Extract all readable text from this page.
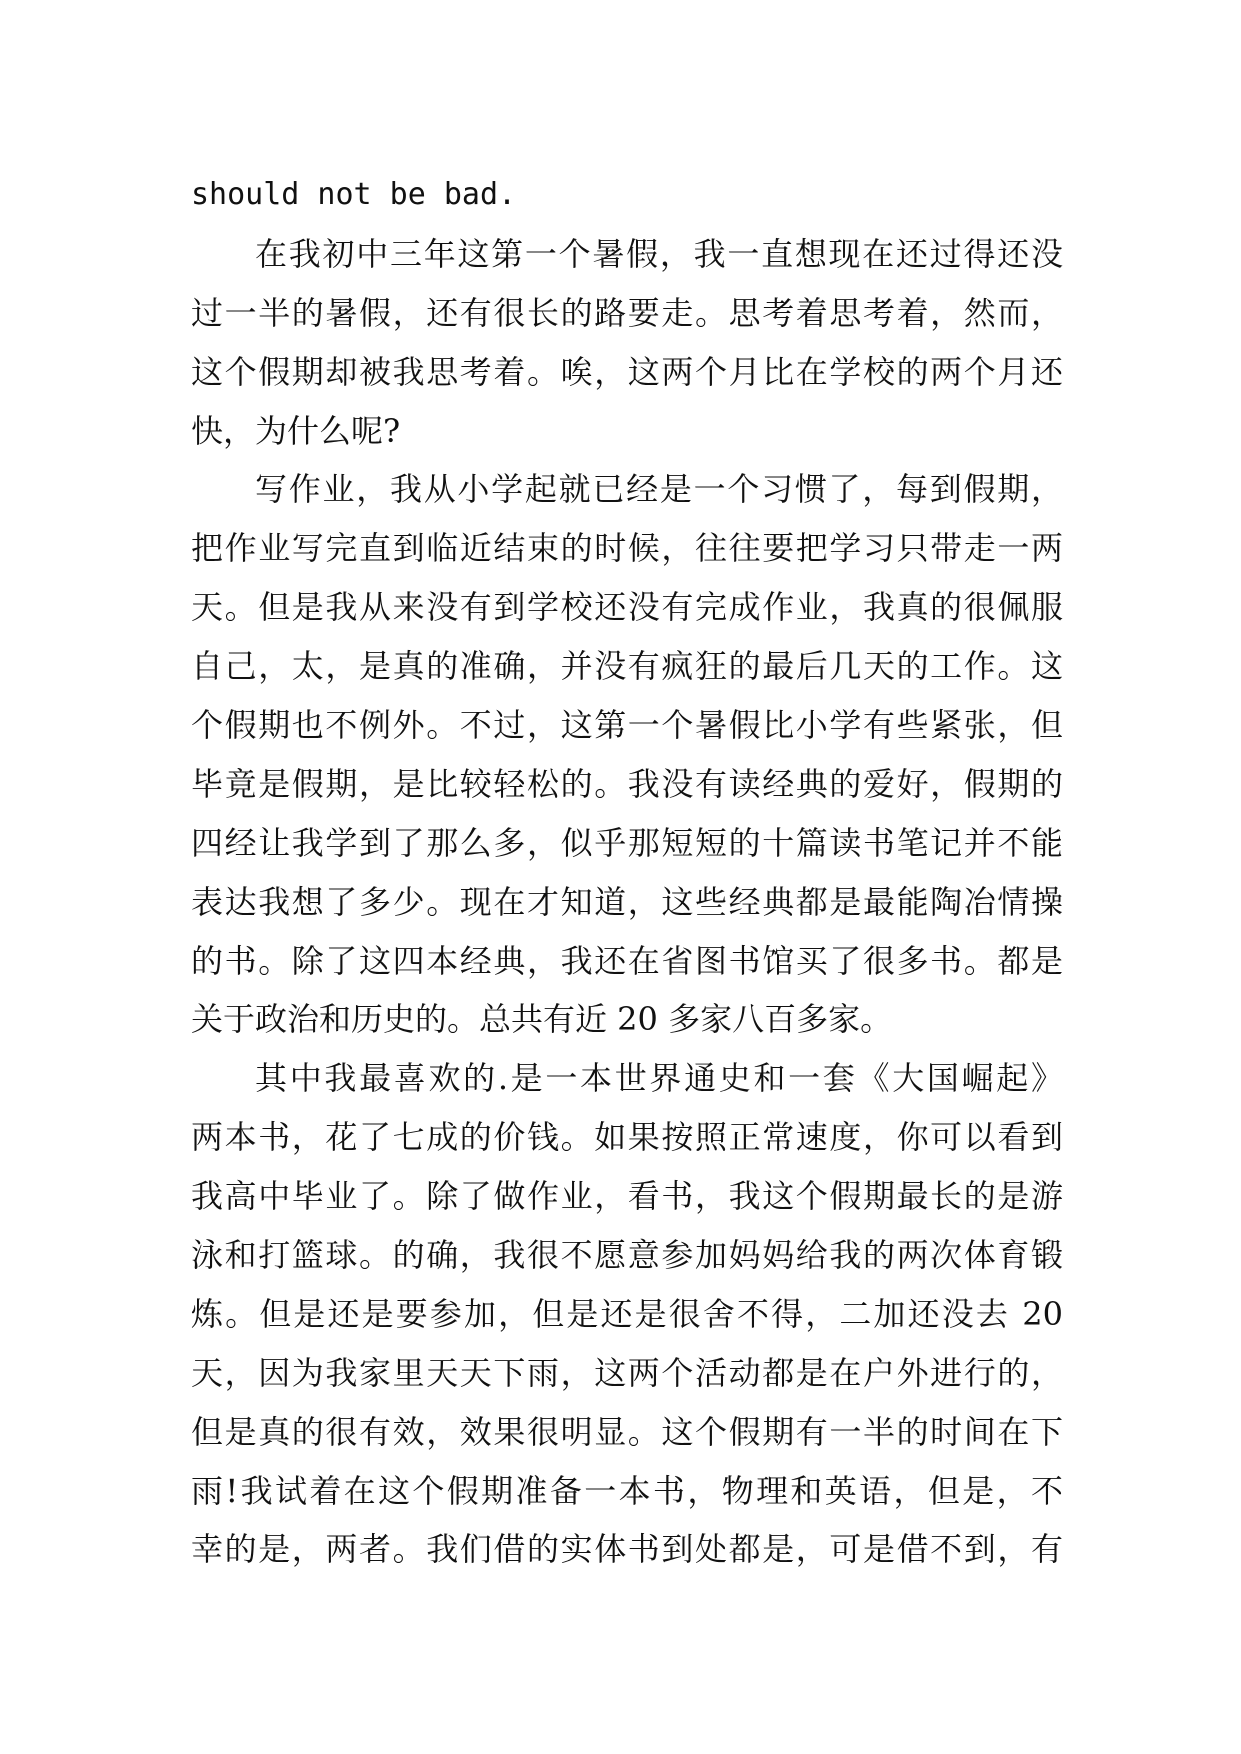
should not be bad.
在我初中三年这第一个暑假，我一直想现在还过得还没
过一半的暑假，还有很长的路要走。思考着思考着，然而，
这个假期却被我思考着。唉，这两个月比在学校的两个月还
快，为什么呢?
写作业，我从小学起就已经是一个习惯了，每到假期，
把作业写完直到临近结束的时候，往往要把学习只带走一两
天。但是我从来没有到学校还没有完成作业，我真的很佩服
自己，太，是真的准确，并没有疯狂的最后几天的工作。这
个假期也不例外。不过，这第一个暑假比小学有些紧张，但
毕竟是假期，是比较轻松的。我没有读经典的爱好，假期的
四经让我学到了那么多，似乎那短短的十篇读书笔记并不能
表达我想了多少。现在才知道，这些经典都是最能陶冶情操
的书。除了这四本经典，我还在省图书馆买了很多书。都是
关于政治和历史的。总共有近 20 多家八百多家。
其中我最喜欢的.是一本世界通史和一套《大国崛起》
两本书，花了七成的价钱。如果按照正常速度，你可以看到
我高中毕业了。除了做作业，看书，我这个假期最长的是游
泳和打篮球。的确，我很不愿意参加妈妈给我的两次体育锻
炼。但是还是要参加，但是还是很舍不得，二加还没去 20
天，因为我家里天天下雨，这两个活动都是在户外进行的，
但是真的很有效，效果很明显。这个假期有一半的时间在下
雨!我试着在这个假期准备一本书，物理和英语，但是，不
幸的是，两者。我们借的实体书到处都是，可是借不到，有
